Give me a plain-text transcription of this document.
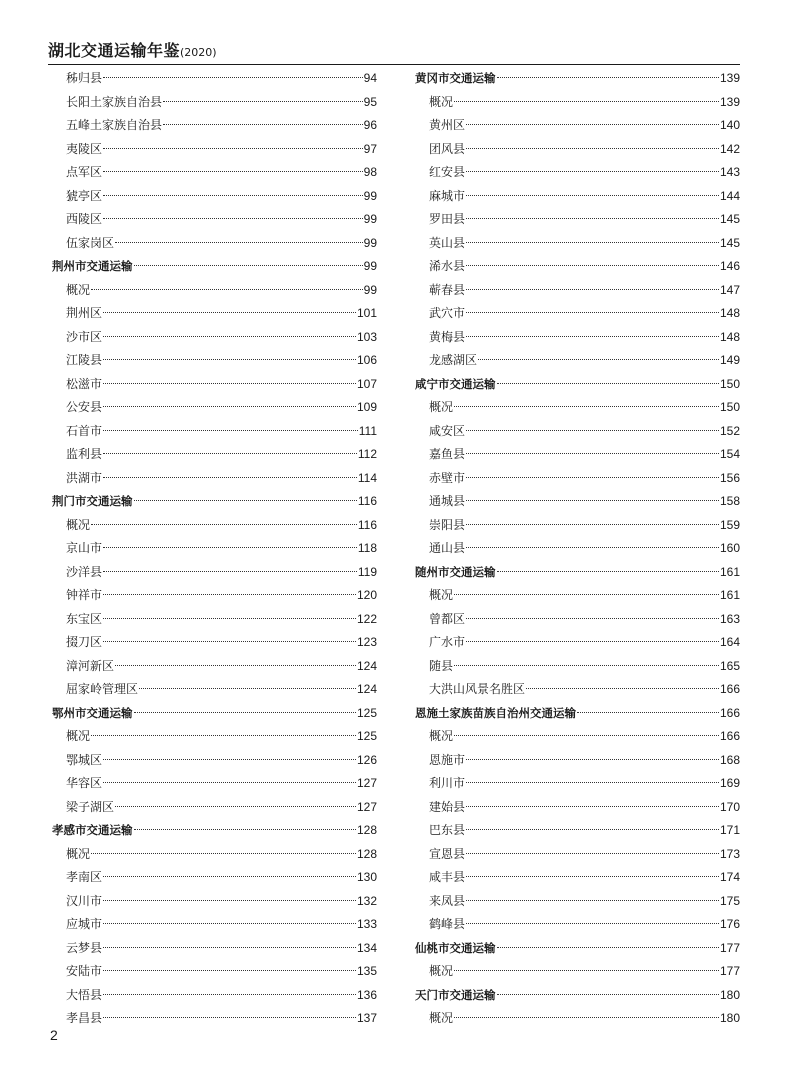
湖北交通运输年鉴(2020)
秭归县	94
长阳土家族自治县	95
五峰土家族自治县	96
夷陵区	97
点军区	98
猇亭区	99
西陵区	99
伍家岗区	99
荆州市交通运输	99
概况	99
荆州区	101
沙市区	103
江陵县	106
松滋市	107
公安县	109
石首市	111
监利县	112
洪湖市	114
荆门市交通运输	116
概况	116
京山市	118
沙洋县	119
钟祥市	120
东宝区	122
掇刀区	123
漳河新区	124
屈家岭管理区	124
鄂州市交通运输	125
概况	125
鄂城区	126
华容区	127
梁子湖区	127
孝感市交通运输	128
概况	128
孝南区	130
汉川市	132
应城市	133
云梦县	134
安陆市	135
大悟县	136
孝昌县	137
黄冈市交通运输	139
概况	139
黄州区	140
团风县	142
红安县	143
麻城市	144
罗田县	145
英山县	145
浠水县	146
蕲春县	147
武穴市	148
黄梅县	148
龙感湖区	149
咸宁市交通运输	150
概况	150
咸安区	152
嘉鱼县	154
赤壁市	156
通城县	158
崇阳县	159
通山县	160
随州市交通运输	161
概况	161
曾都区	163
广水市	164
随县	165
大洪山风景名胜区	166
恩施土家族苗族自治州交通运输	166
概况	166
恩施市	168
利川市	169
建始县	170
巴东县	171
宣恩县	173
咸丰县	174
来凤县	175
鹤峰县	176
仙桃市交通运输	177
概况	177
天门市交通运输	180
概况	180
2
